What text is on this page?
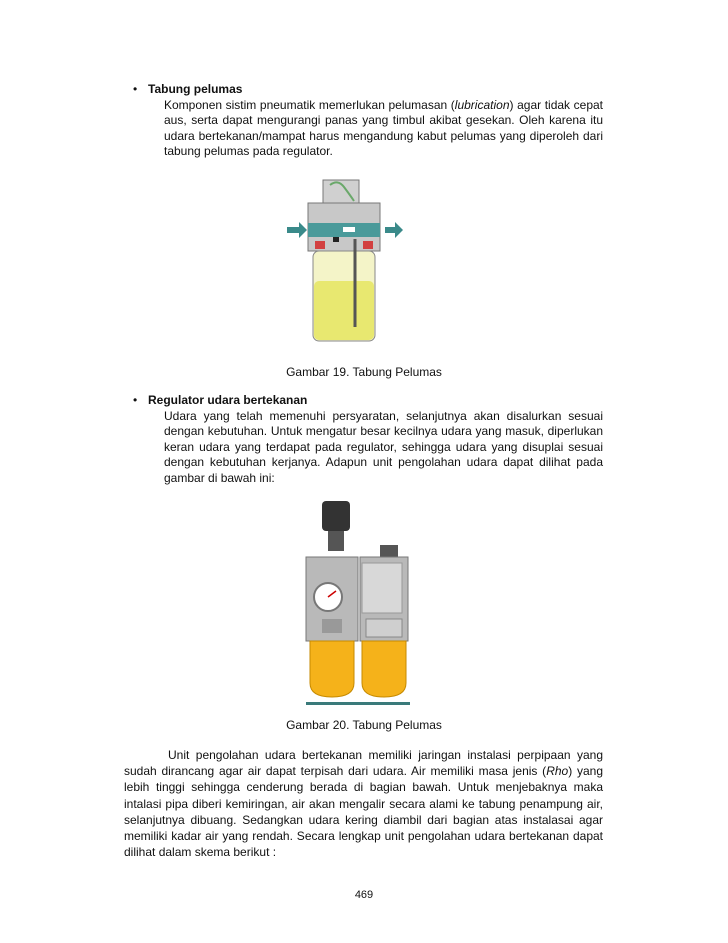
• Tabung pelumas
Komponen sistim pneumatik memerlukan pelumasan (lubrication) agar tidak cepat aus, serta dapat mengurangi panas yang timbul akibat gesekan. Oleh karena itu udara bertekanan/mampat harus mengandung kabut pelumas yang diperoleh dari tabung pelumas pada regulator.
Gambar 19. Tabung Pelumas
• Regulator udara bertekanan
Udara yang telah memenuhi persyaratan, selanjutnya akan disalurkan sesuai dengan kebutuhan. Untuk mengatur besar kecilnya udara yang masuk, diperlukan keran udara yang terdapat pada regulator, sehingga udara yang disuplai sesuai dengan kebutuhan kerjanya. Adapun unit pengolahan udara dapat dilihat pada gambar di bawah ini:
Gambar 20. Tabung Pelumas
Unit pengolahan udara bertekanan memiliki jaringan instalasi perpipaan yang sudah dirancang agar air dapat terpisah dari udara. Air memiliki masa jenis (Rho) yang lebih tinggi sehingga cenderung berada di bagian bawah. Untuk menjebaknya maka intalasi pipa diberi kemiringan, air akan mengalir secara alami ke tabung penampung air, selanjutnya dibuang. Sedangkan udara kering diambil dari bagian atas instalasai agar memiliki kadar air yang rendah. Secara lengkap unit pengolahan udara bertekanan dapat dilihat dalam skema berikut :
469
